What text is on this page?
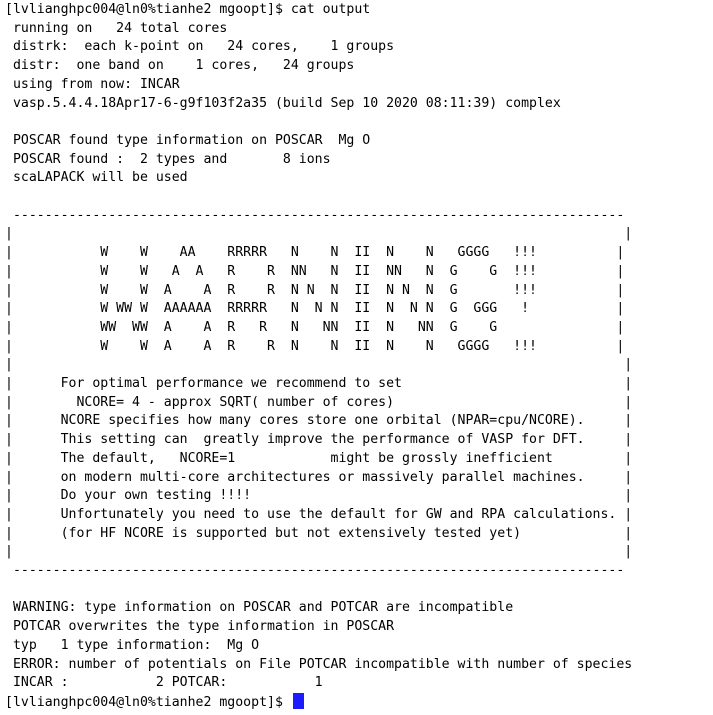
[lvlianghpc004@ln0%tianhe2 mgoopt]$ cat output
running on   24 total cores
distrk:  each k-point on   24 cores,    1 groups
distr:  one band on    1 cores,   24 groups
using from now: INCAR
vasp.5.4.4.18Apr17-6-g9f103f2a35 (build Sep 10 2020 08:11:39) complex
POSCAR found type information on POSCAR  Mg O
POSCAR found :  2 types and       8 ions
scaLAPACK will be used
-----------------------------------------------------------------------------
|                                                                             |
|           W    W    AA    RRRRR   N    N  II  N    N   GGGG   !!!          |
|           W    W   A  A   R    R  NN   N  II  NN   N  G    G  !!!          |
|           W    W  A    A  R    R  N N  N  II  N N  N  G       !!!          |
|           W WW W  AAAAAA  RRRRR   N  N N  II  N  N N  G  GGG   !           |
|           WW  WW  A    A  R   R   N   NN  II  N   NN  G    G               |
|           W    W  A    A  R    R  N    N  II  N    N   GGGG   !!!          |
|                                                                             |
|      For optimal performance we recommend to set                            |
|        NCORE= 4 - approx SQRT( number of cores)                             |
|      NCORE specifies how many cores store one orbital (NPAR=cpu/NCORE).     |
|      This setting can  greatly improve the performance of VASP for DFT.     |
|      The default,   NCORE=1            might be grossly inefficient         |
|      on modern multi-core architectures or massively parallel machines.     |
|      Do your own testing !!!!                                               |
|      Unfortunately you need to use the default for GW and RPA calculations. |
|      (for HF NCORE is supported but not extensively tested yet)             |
|                                                                             |
-----------------------------------------------------------------------------
WARNING: type information on POSCAR and POTCAR are incompatible
POTCAR overwrites the type information in POSCAR
typ   1 type information:  Mg O
ERROR: number of potentials on File POTCAR incompatible with number of species
INCAR :           2 POTCAR:           1
[lvlianghpc004@ln0%tianhe2 mgoopt]$
